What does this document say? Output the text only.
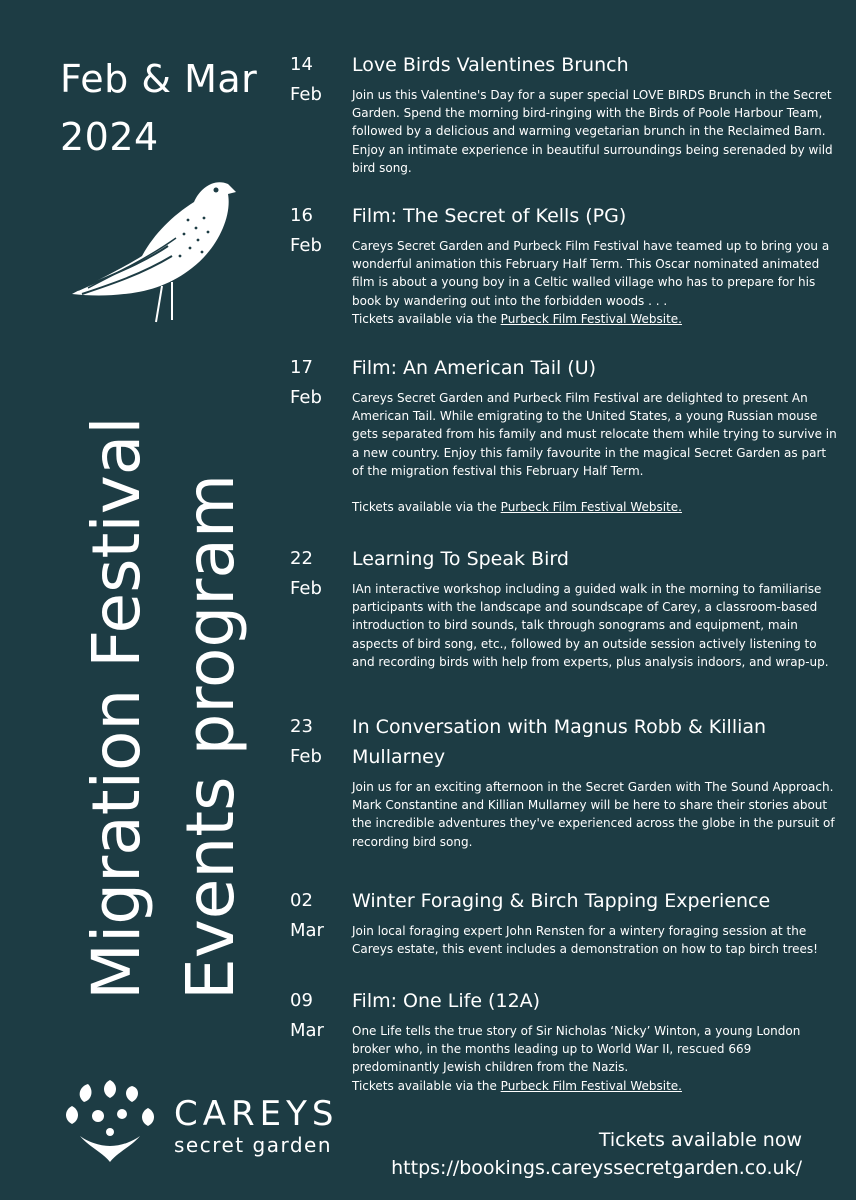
Feb & Mar
2024
Migration Festival Events program
14
Feb
Love Birds Valentines Brunch

Join us this Valentine's Day for a super special LOVE BIRDS Brunch in the Secret Garden. Spend the morning bird-ringing with the Birds of Poole Harbour Team, followed by a delicious and warming vegetarian brunch in the Reclaimed Barn. Enjoy an intimate experience in beautiful surroundings being serenaded by wild bird song.

16
Feb
Film: The Secret of Kells (PG)

Careys Secret Garden and Purbeck Film Festival have teamed up to bring you a wonderful animation this February Half Term. This Oscar nominated animated film is about a young boy in a Celtic walled village who has to prepare for his book by wandering out into the forbidden woods . . .

Tickets available via the Purbeck Film Festival Website.

17
Feb
Film: An American Tail (U)

Careys Secret Garden and Purbeck Film Festival are delighted to present An American Tail. While emigrating to the United States, a young Russian mouse gets separated from his family and must relocate them while trying to survive in a new country. Enjoy this family favourite in the magical Secret Garden as part of the migration festival this February Half Term.

Tickets available via the Purbeck Film Festival Website.

22
Feb
Learning To Speak Bird

IAn interactive workshop including a guided walk in the morning to familiarise participants with the landscape and soundscape of Carey, a classroom-based introduction to bird sounds, talk through sonograms and equipment, main aspects of bird song, etc., followed by an outside session actively listening to and recording birds with help from experts, plus analysis indoors, and wrap-up.

23
Feb
In Conversation with Magnus Robb & Killian Mullarney

Join us for an exciting afternoon in the Secret Garden with The Sound Approach. Mark Constantine and Killian Mullarney will be here to share their stories about the incredible adventures they've experienced across the globe in the pursuit of recording bird song.

02
Mar
Winter Foraging & Birch Tapping Experience

Join local foraging expert John Rensten for a wintery foraging session at the Careys estate, this event includes a demonstration on how to tap birch trees!

09
Mar
Film: One Life (12A)

One Life tells the true story of Sir Nicholas ‘Nicky’ Winton, a young London broker who, in the months leading up to World War II, rescued 669 predominantly Jewish children from the Nazis.

Tickets available via the Purbeck Film Festival Website.

CAREYS
secret garden	Tickets available now
https://bookings.careyssecretgarden.co.uk/
